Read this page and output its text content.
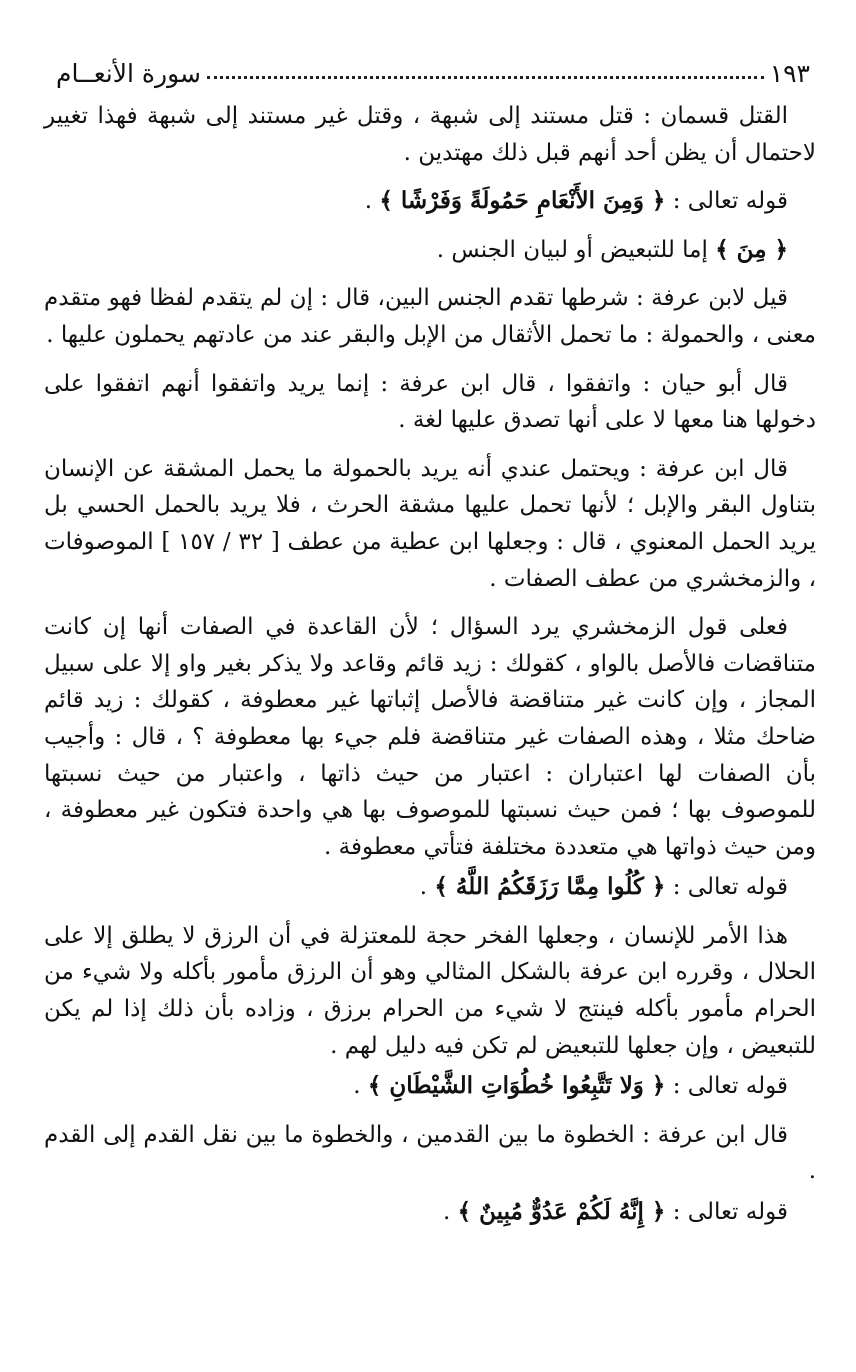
سورة الأنعــام	١٩٣

القتل قسمان : قتل مستند إلى شبهة ، وقتل غير مستند إلى شبهة فهذا تغيير لاحتمال أن يظن أحد أنهم قبل ذلك مهتدين .

قوله تعالى : ﴿ وَمِنَ الأَنْعَامِ حَمُولَةً وَفَرْشًا ﴾ .

﴿ مِنَ ﴾ إما للتبعيض أو لبيان الجنس .

قيل لابن عرفة : شرطها تقدم الجنس البين، قال : إن لم يتقدم لفظا فهو متقدم معنى ، والحمولة : ما تحمل الأثقال من الإبل والبقر عند من عادتهم يحملون عليها .

قال أبو حيان : واتفقوا ، قال ابن عرفة : إنما يريد واتفقوا أنهم اتفقوا على دخولها هنا معها لا على أنها تصدق عليها لغة .

قال ابن عرفة : ويحتمل عندي أنه يريد بالحمولة ما يحمل المشقة عن الإنسان بتناول البقر والإبل ؛ لأنها تحمل عليها مشقة الحرث ، فلا يريد بالحمل الحسي بل يريد الحمل المعنوي ، قال : وجعلها ابن عطية من عطف [ ٣٢ / ١٥٧ ] الموصوفات ، والزمخشري من عطف الصفات .

فعلى قول الزمخشري يرد السؤال ؛ لأن القاعدة في الصفات أنها إن كانت متناقضات فالأصل بالواو ، كقولك : زيد قائم وقاعد ولا يذكر بغير واو إلا على سبيل المجاز ، وإن كانت غير متناقضة فالأصل إثباتها غير معطوفة ، كقولك : زيد قائم ضاحك مثلا ، وهذه الصفات غير متناقضة فلم جيء بها معطوفة ؟ ، قال : وأجيب بأن الصفات لها اعتباران : اعتبار من حيث ذاتها ، واعتبار من حيث نسبتها للموصوف بها ؛ فمن حيث نسبتها للموصوف بها هي واحدة فتكون غير معطوفة ، ومن حيث ذواتها هي متعددة مختلفة فتأتي معطوفة .

قوله تعالى : ﴿ كُلُوا مِمَّا رَزَقَكُمُ اللَّهُ ﴾ .

هذا الأمر للإنسان ، وجعلها الفخر حجة للمعتزلة في أن الرزق لا يطلق إلا على الحلال ، وقرره ابن عرفة بالشكل المثالي وهو أن الرزق مأمور بأكله ولا شيء من الحرام مأمور بأكله فينتج لا شيء من الحرام برزق ، وزاده بأن ذلك إذا لم يكن للتبعيض ، وإن جعلها للتبعيض لم تكن فيه دليل لهم .

قوله تعالى : ﴿ وَلا تَتَّبِعُوا خُطُوَاتِ الشَّيْطَانِ ﴾ .

قال ابن عرفة : الخطوة ما بين القدمين ، والخطوة ما بين نقل القدم إلى القدم .

قوله تعالى : ﴿ إِنَّهُ لَكُمْ عَدُوٌّ مُبِينٌ ﴾ .
